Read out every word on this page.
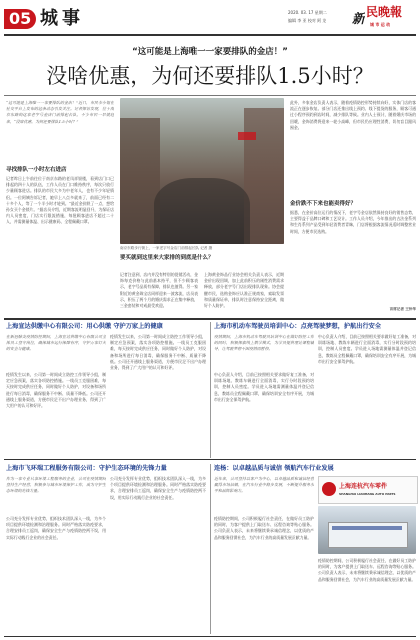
05 城事	2020. 03. 17 星期二
编辑 李 亚 校对 阿 龙 新 民晚報
城 市 运 动
“这可能是上海唯一一家要排队的金店！”
没啥优惠，为何还要排队1.5小时？
“这可能是上海唯一一家要排队的金店！”近日，市民李小姐在社交平台上发布的这条动态引发关注。记者探访发现，位于南京东路的这家老字号金店门前排起长队，不少市民一早就赶来，“没啥优惠，为何还要排队1.5小时？”
寻找排队一小时左右进店
记者昨日上午前往位于南京东路的老凤祥银楼，看到店门口已排起约四十人的队伍，工作人员在门口维持秩序，每次只放行少量顾客进店。排队的市民大多为中老年人，也有不少年轻情侣。一位阿姨告诉记者，她早上八点多就来了，前面已经有二十多个人，等了一个半小时才轮到。“最近金价跌了一点，想给孙女买个金锁片。”据店员介绍，近期客流明显回升，为保证店内人员密度，门店实行限流措施，每批顾客进店不超过二十人，并需测量体温、出示健康码、全程佩戴口罩。
南京东路步行街上，一家老字号金店门前排起长队 记者 摄
要买就到这里来大家排的到底是什么？
记者注意到，店内并没有特别的促销活动，金饰每克价格与此前基本持平，但不少顾客表示，老字号品质有保障，排队也值得。另一家附近的黄金珠宝店同样迎来一波客流，店员表示，积压了两个月的婚庆需求正在集中释放，三金套装和对戒最受欢迎。
上海黄金饰品行业协会相关负责人表示，近期金价出现回调，加上此前积压的刚性消费需求释放，部分老字号门店出现排队现象。协会提醒市民，选购金饰应认准正规商家，索取发票和质量保证单，排队时注意保持安全距离，做好个人防护。
此外，多家金店负责人表示，随着疫情防控形势持续向好，实体门店的客流正在逐步恢复。部分门店还推出线上预约、线下提货的服务，顾客可通过小程序预约到店时间，减少排队等候。业内人士预计，随着婚庆市场的回暖，金饰消费将迎来一轮小高峰，但市民仍应理性消费，切勿盲目跟风囤金。
金价跌不下来也能卖得好？
据悉，在金价高位运行的情况下，老字号金店依然保持良好的销售态势，主要得益于品牌口碑和工艺设计。工作人员介绍，今年推出的古法金系列和生肖系列产品受到年轻消费者青睐，门店将根据客流情况适时调整营业时间，方便市民选购。
首席记者 王仲华
上海宣达供缴中心有限公司：用心供缴 守护万家上的健康
在新冠肺炎疫情防控期间，上海宣达供缴中心有限公司全体员工坚守岗位，确保城市运行保障有序，守护万家灯火的安全与健康。
疫情发生以来，公司第一时间成立防控工作领导小组，制定应急预案，落实各项防控措施。一线员工克服困难，每天按时完成供应任务，同时做好个人防护，对设备和场所进行每日消毒，确保服务不中断、质量不降低。公司还开通线上服务渠道，方便市民足不出户办理业务，得到了广大用户的认可和好评。
疫情发生以来，公司第一时间成立防控工作领导小组，制定应急预案，落实各项防控措施。一线员工克服困难，每天按时完成供应任务，同时做好个人防护，对设备和场所进行每日消毒，确保服务不中断、质量不降低。公司还开通线上服务渠道，方便市民足不出户办理业务，得到了广大用户的认可和好评。
上海市机动车驾驶员培训中心：点亮驾驶梦想，护航出行安全
疫情期间，上海市机动车驾驶员培训中心在做好防控工作的同时，积极探索线上教学模式，为学员提供理论课程辅导，让驾驶梦想不因疫情而暂停。
中心负责人介绍，目前已按照相关要求做好复工准备，对训练场地、教练车辆进行全面消毒，实行分时段预约培训，控制人员密度。学员进入场地需测量体温并登记信息，教练员全程佩戴口罩，确保培训安全有序开展，为城市出行安全保驾护航。
中心负责人介绍，目前已按照相关要求做好复工准备，对训练场地、教练车辆进行全面消毒，实行分时段预约培训，控制人员密度。学员进入场地需测量体温并登记信息，教练员全程佩戴口罩，确保培训安全有序开展，为城市出行安全保驾护航。
上海市飞环瑞工程服务有限公司：守护生态环境的先锋力量
作为一家专业从事环境工程服务的企业，公司在疫情期间坚持生产经营，积极参与城市环境保护工作，成为守护生态环境的先锋力量。
公司充分发挥专业优势，组织技术团队深入一线，为多个项目提供环境检测和治理服务。同时严格落实防疫要求，合理安排员工返岗，确保安全生产与疫情防控两不误，用实际行动践行企业的社会责任。
公司充分发挥专业优势，组织技术团队深入一线，为多个项目提供环境检测和治理服务。同时严格落实防疫要求，合理安排员工返岗，确保安全生产与疫情防控两不误，用实际行动践行企业的社会责任。
连杨：以卓越品质与诚信 领航汽车行业发展
近年来，公司坚持以客户为中心，以卓越品质和诚信经营赢得市场信赖，在汽车行业中稳步发展，不断提升服务水平和品牌影响力。
疫情防控期间，公司积极履行社会责任，在做好员工防护的同时，为客户提供上门取送车、远程咨询等贴心服务。公司负责人表示，未来将继续秉承诚信理念，以优质的产品和服务回馈社会，为汽车行业的高质量发展贡献力量。
上海连杭汽车零件
SHANGHAI LIANHANG AUTO PARTS
疫情防控期间，公司积极履行社会责任，在做好员工防护的同时，为客户提供上门取送车、远程咨询等贴心服务。公司负责人表示，未来将继续秉承诚信理念，以优质的产品和服务回馈社会，为汽车行业的高质量发展贡献力量。
